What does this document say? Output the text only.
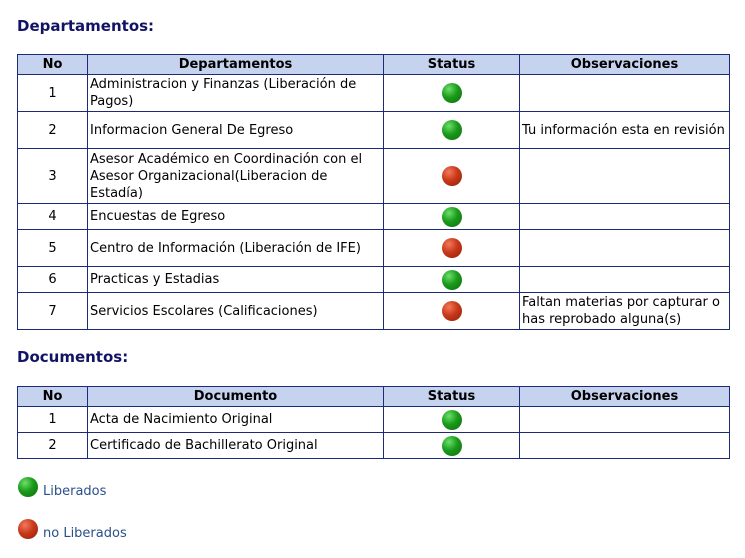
Departamentos:
No	Departamentos	Status	Observaciones
1	Administracion y Finanzas (Liberación de Pagos)		
2	Informacion General De Egreso		Tu información esta en revisión
3	Asesor Académico en Coordinación con el Asesor Organizacional(Liberacion de Estadía)		
4	Encuestas de Egreso		
5	Centro de Información (Liberación de IFE)		
6	Practicas y Estadias		
7	Servicios Escolares (Calificaciones)		Faltan materias por capturar o has reprobado alguna(s)
Documentos:
No	Documento	Status	Observaciones
1	Acta de Nacimiento Original		
2	Certificado de Bachillerato Original		
Liberados
no Liberados
